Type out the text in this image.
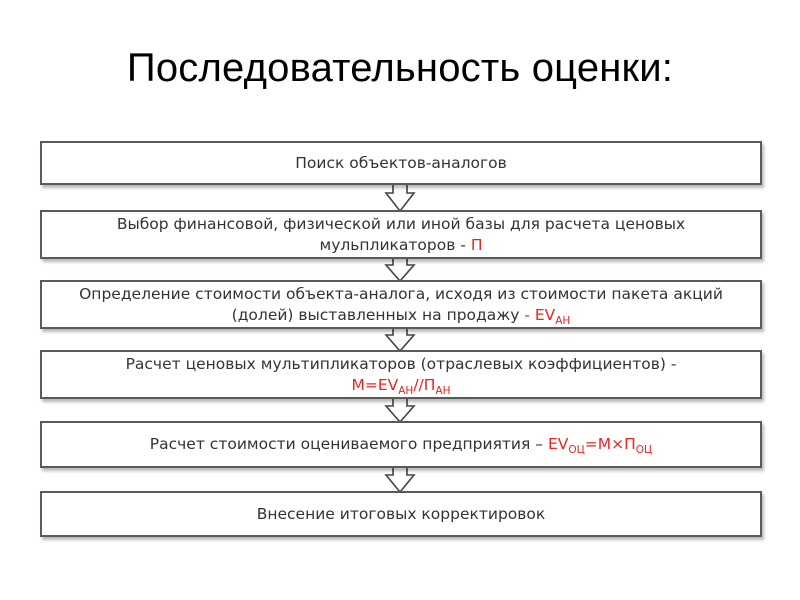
Последовательность оценки:
Поиск объектов-аналогов
Выбор финансовой, физической или иной базы для расчета ценовых мульпликаторов - П
Определение стоимости объекта-аналога, исходя из стоимости пакета акций (долей) выставленных на продажу - $EV_{АН}$
Расчет ценовых мультипликаторов (отраслевых коэффициентов) -
$М=EV_{АН}//П_{АН}$
Расчет стоимости оцениваемого предприятия – $EV_{ОЦ}=М\times П_{ОЦ}$
Внесение итоговых корректировок
